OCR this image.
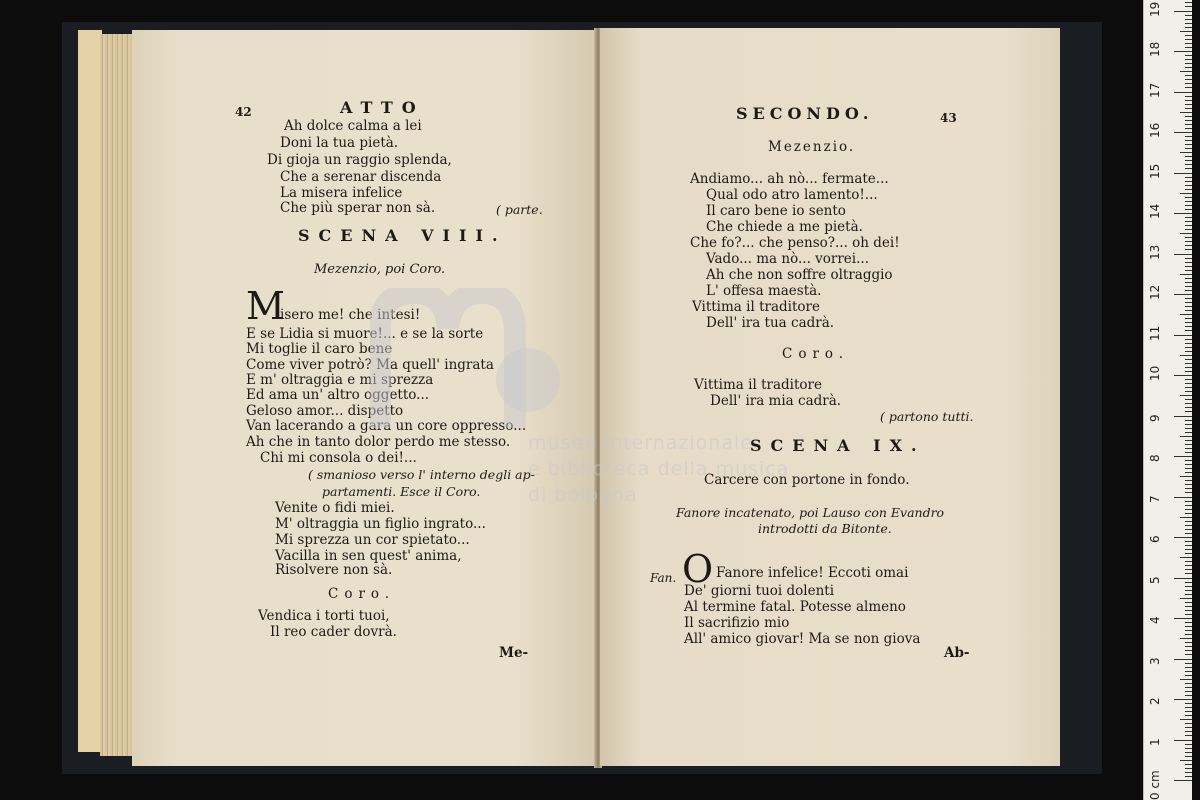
42	ATTO
Ah dolce calma a lei
Doni la tua pietà.
Di gioja un raggio splenda,
Che a serenar discenda
La misera infelice
Che più sperar non sà.	( parte.
SCENA VIII.
Mezenzio, poi Coro.
M
isero me! che intesi!
E se Lidia si muore!... e se la sorte
Mi toglie il caro bene
Come viver potrò? Ma quell' ingrata
E m' oltraggia e mi sprezza
Ed ama un' altro oggetto...
Geloso amor... dispetto
Van lacerando a gara un core oppresso...
Ah che in tanto dolor perdo me stesso.
Chi mi consola o dei!...
( smanioso verso l' interno degli ap-
partamenti. Esce il Coro.
Venite o fidi miei.
M' oltraggia un figlio ingrato...
Mi sprezza un cor spietato...
Vacilla in sen quest' anima,
Risolvere non sà.
Coro.
Vendica i torti tuoi,
Il reo cader dovrà.
Me-
SECONDO.	43
Mezenzio.
Andiamo... ah nò... fermate...
Qual odo atro lamento!...
Il caro bene io sento
Che chiede a me pietà.
Che fo?... che penso?... oh dei!
Vado... ma nò... vorrei...
Ah che non soffre oltraggio
L' offesa maestà.
Vittima il traditore
Dell' ira tua cadrà.
Coro.
Vittima il traditore
Dell' ira mia cadrà.
( partono tutti.
SCENA IX.
Carcere con portone in fondo.
Fanore incatenato, poi Lauso con Evandro
introdotti da Bitonte.
Fan. O Fanore infelice! Eccoti omai
De' giorni tuoi dolenti
Al termine fatal. Potesse almeno
Il sacrifizio mio
All' amico giovar! Ma se non giova
Ab-
museo internazionale
e biblioteca della musica
di bologna
0 cm
1
2
3
4
5
6
7
8
9
10
11
12
13
14
15
16
17
18
19
